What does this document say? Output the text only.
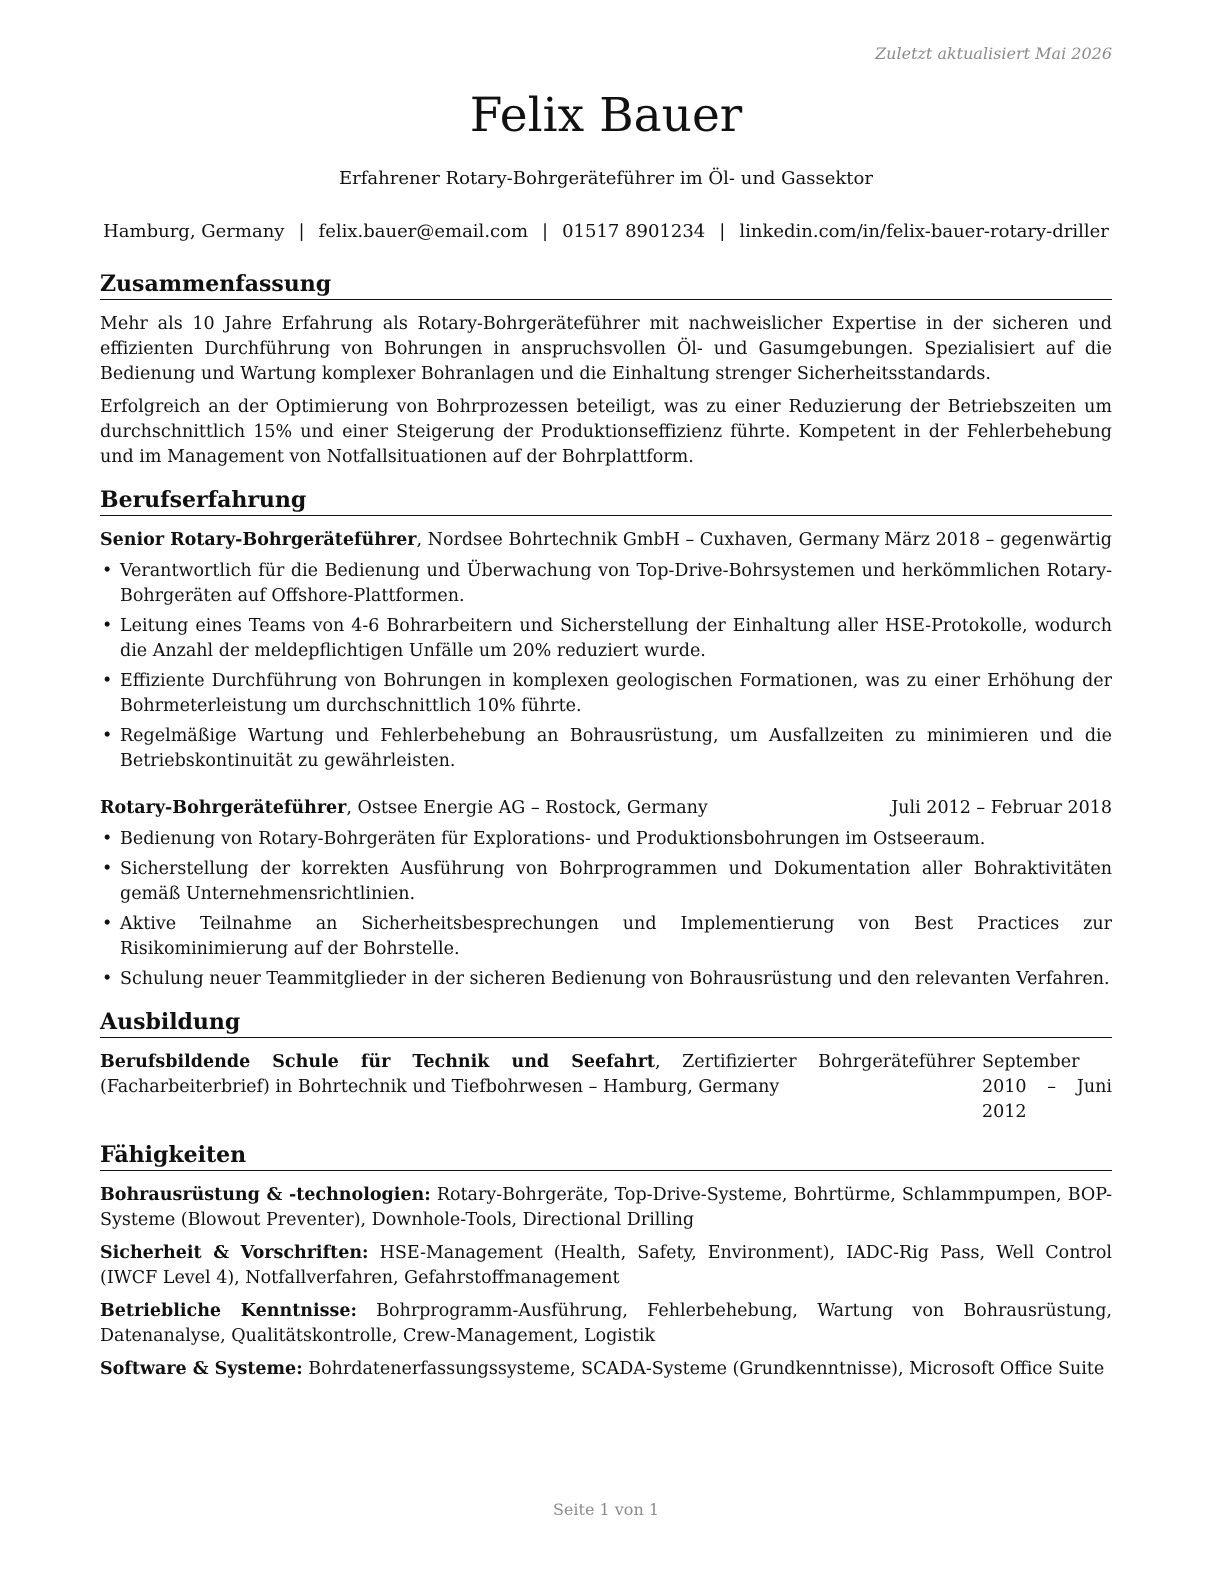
Zuletzt aktualisiert Mai 2026
Felix Bauer
Erfahrener Rotary-Bohrgeräteführer im Öl- und Gassektor
Hamburg, Germany | felix.bauer@email.com | 01517 8901234 | linkedin.com/in/felix-bauer-rotary-driller
Zusammenfassung

Mehr als 10 Jahre Erfahrung als Rotary-Bohrgeräteführer mit nachweislicher Expertise in der sicheren und effizienten Durchführung von Bohrungen in anspruchsvollen Öl- und Gasumgebungen. Spezialisiert auf die Bedienung und Wartung komplexer Bohranlagen und die Einhaltung strenger Sicherheitsstandards.

Erfolgreich an der Optimierung von Bohrprozessen beteiligt, was zu einer Reduzierung der Betriebszeiten um durchschnittlich 15% und einer Steigerung der Produktionseffizienz führte. Kompetent in der Fehlerbehebung und im Management von Notfallsituationen auf der Bohrplattform.

Berufserfahrung
Senior Rotary-Bohrgeräteführer, Nordsee Bohrtechnik GmbH – Cuxhaven, Germany März 2018 – gegenwärtig
• Verantwortlich für die Bedienung und Überwachung von Top-Drive-Bohrsystemen und herkömmlichen Rotary-Bohrgeräten auf Offshore-Plattformen.
• Leitung eines Teams von 4-6 Bohrarbeitern und Sicherstellung der Einhaltung aller HSE-Protokolle, wodurch die Anzahl der meldepflichtigen Unfälle um 20% reduziert wurde.
• Effiziente Durchführung von Bohrungen in komplexen geologischen Formationen, was zu einer Erhöhung der Bohrmeterleistung um durchschnittlich 10% führte.
• Regelmäßige Wartung und Fehlerbehebung an Bohrausrüstung, um Ausfallzeiten zu minimieren und die Betriebskontinuität zu gewährleisten.
Rotary-Bohrgeräteführer, Ostsee Energie AG – Rostock, Germany	Juli 2012 – Februar 2018
• Bedienung von Rotary-Bohrgeräten für Explorations- und Produktionsbohrungen im Ostseeraum.
• Sicherstellung der korrekten Ausführung von Bohrprogrammen und Dokumentation aller Bohraktivitäten gemäß Unternehmensrichtlinien.
• Aktive Teilnahme an Sicherheitsbesprechungen und Implementierung von Best Practices zur Risikominimierung auf der Bohrstelle.
• Schulung neuer Teammitglieder in der sicheren Bedienung von Bohrausrüstung und den relevanten Verfahren.
Ausbildung
Berufsbildende Schule für Technik und Seefahrt, Zertifizierter Bohrgeräteführer (Facharbeiterbrief) in Bohrtechnik und Tiefbohrwesen – Hamburg, Germany
September 2010 – Juni 2012
Fähigkeiten
Bohrausrüstung & -technologien: Rotary-Bohrgeräte, Top-Drive-Systeme, Bohrtürme, Schlammpumpen, BOP-Systeme (Blowout Preventer), Downhole-Tools, Directional Drilling
Sicherheit & Vorschriften: HSE-Management (Health, Safety, Environment), IADC-Rig Pass, Well Control (IWCF Level 4), Notfallverfahren, Gefahrstoffmanagement
Betriebliche Kenntnisse: Bohrprogramm-Ausführung, Fehlerbehebung, Wartung von Bohrausrüstung, Datenanalyse, Qualitätskontrolle, Crew-Management, Logistik
Software & Systeme: Bohrdatenerfassungssysteme, SCADA-Systeme (Grundkenntnisse), Microsoft Office Suite
Seite 1 von 1
